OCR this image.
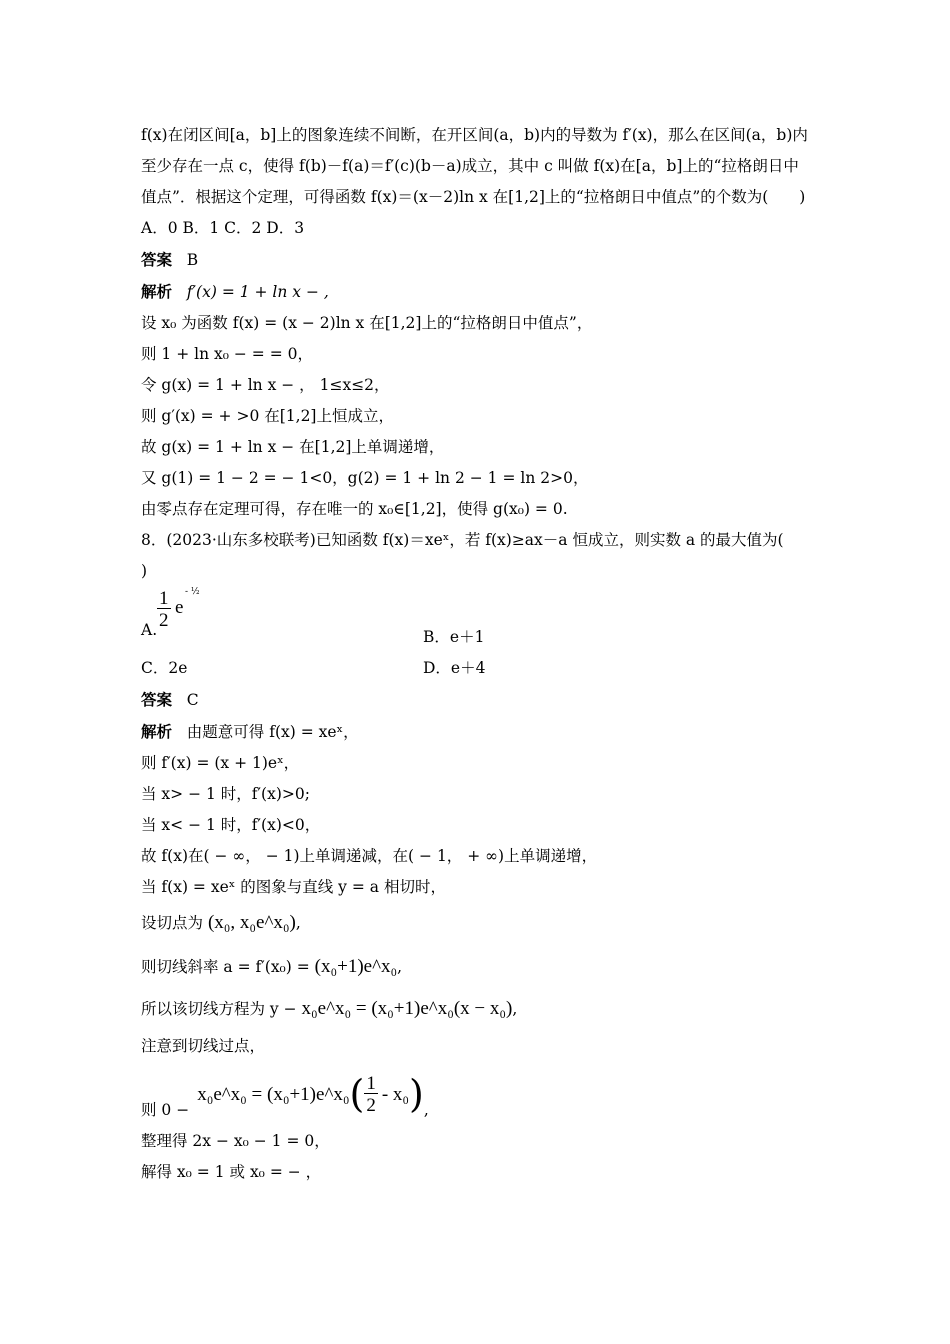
f(x)在闭区间[a，b]上的图象连续不间断，在开区间(a，b)内的导数为 f′(x)，那么在区间(a，b)内至少存在一点 c，使得 f(b)－f(a)＝f′(c)(b－a)成立，其中 c 叫做 f(x)在[a，b]上的“拉格朗日中值点”．根据这个定理，可得函数 f(x)＝(x－2)ln x 在[1,2]上的“拉格朗日中值点”的个数为(　　)
A．0 B．1 C．2 D．3
答案 B
解析 f′(x) = 1 + ln x − ,
设 x₀ 为函数 f(x) = (x − 2)ln x 在[1,2]上的“拉格朗日中值点”，
则 1 + ln x₀ − = = 0，
令 g(x) = 1 + ln x − ， 1≤x≤2，
则 g′(x) = + >0 在[1,2]上恒成立，
故 g(x) = 1 + ln x − 在[1,2]上单调递增，
又 g(1) = 1 − 2 = − 1<0，g(2) = 1 + ln 2 − 1 = ln 2>0，
由零点存在定理可得，存在唯一的 x₀∈[1,2]，使得 g(x₀) = 0.
8．(2023·山东多校联考)已知函数 f(x)＝xeˣ，若 f(x)≥ax－a 恒成立，则实数 a 的最大值为(
)
A. $\frac{1}{2}$ e
- ½
B．e＋1
C．2e	D．e＋4
答案 C
解析 由题意可得 f(x) = xeˣ，
则 f′(x) = (x + 1)eˣ，
当 x> − 1 时，f′(x)>0;
当 x< − 1 时，f′(x)<0，
故 f(x)在( − ∞， − 1)上单调递减，在( − 1， + ∞)上单调递增，
当 f(x) = xeˣ 的图象与直线 y = a 相切时，
设切点为 (x₀, x₀e^x₀),
则切线斜率 a = f′(x₀) = (x₀+1)e^x₀,
所以该切线方程为 y − x₀e^x₀ = (x₀+1)e^x₀(x − x₀),
注意到切线过点，
则 0 −
x₀e^x₀ = (x₀+1)e^x₀ ( $\frac{1}{2} - x_0$ ) ,
整理得 2x − x₀ − 1 = 0，
解得 x₀ = 1 或 x₀ = − ，
